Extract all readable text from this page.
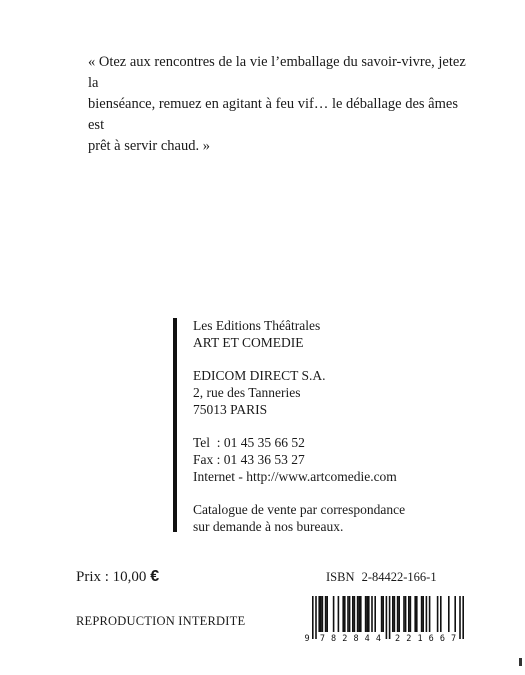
« Otez aux rencontres de la vie l’emballage du savoir-vivre, jetez la
bienséance, remuez en agitant à feu vif… le déballage des âmes est
prêt à servir chaud. »
Les Editions Théâtrales
ART ET COMEDIE
EDICOM DIRECT S.A.
2, rue des Tanneries
75013 PARIS
Tel  : 01 45 35 66 52
Fax : 01 43 36 53 27
Internet - http://www.artcomedie.com
Catalogue de vente par correspondance
sur demande à nos bureaux.
Prix : 10,00 €	ISBN 2-84422-166-1
9 7 8 2 8 4 4 2 2 1 6 6 7
REPRODUCTION INTERDITE
